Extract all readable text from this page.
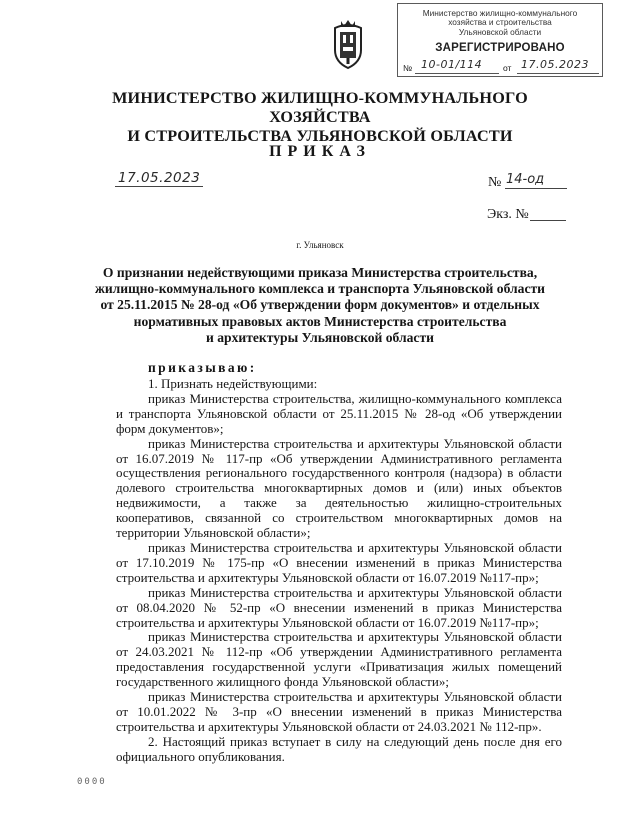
Министерство жилищно-коммунального
хозяйства и строительства
Ульяновской области
ЗАРЕГИСТРИРОВАНО
№ 10-01/114 от 17.05.2023
МИНИСТЕРСТВО ЖИЛИЩНО-КОММУНАЛЬНОГО ХОЗЯЙСТВА
И СТРОИТЕЛЬСТВА УЛЬЯНОВСКОЙ ОБЛАСТИ
ПРИКАЗ
17.05.2023	№ 14-од
Экз. №
г. Ульяновск
О признании недействующими приказа Министерства строительства,
жилищно-коммунального комплекса и транспорта Ульяновской области
от 25.11.2015 № 28-од «Об утверждении форм документов» и отдельных
нормативных правовых актов Министерства строительства
и архитектуры Ульяновской области
приказываю:

1. Признать недействующими:

приказ Министерства строительства, жилищно-коммунального комплекса и транспорта Ульяновской области от 25.11.2015 № 28-од «Об утверждении форм документов»;

приказ Министерства строительства и архитектуры Ульяновской области от 16.07.2019 № 117-пр «Об утверждении Административного регламента осуществления регионального государственного контроля (надзора) в области долевого строительства многоквартирных домов и (или) иных объектов недвижимости, а также за деятельностью жилищно-строительных кооперативов, связанной со строительством многоквартирных домов на территории Ульяновской области»;

приказ Министерства строительства и архитектуры Ульяновской области от 17.10.2019 № 175-пр «О внесении изменений в приказ Министерства строительства и архитектуры Ульяновской области от 16.07.2019 №117-пр»;

приказ Министерства строительства и архитектуры Ульяновской области от 08.04.2020 № 52-пр «О внесении изменений в приказ Министерства строительства и архитектуры Ульяновской области от 16.07.2019 №117-пр»;

приказ Министерства строительства и архитектуры Ульяновской области от 24.03.2021 № 112-пр «Об утверждении Административного регламента предоставления государственной услуги «Приватизация жилых помещений государственного жилищного фонда Ульяновской области»;

приказ Министерства строительства и архитектуры Ульяновской области от 10.01.2022 № 3-пр «О внесении изменений в приказ Министерства строительства и архитектуры Ульяновской области от 24.03.2021 № 112-пр».

2. Настоящий приказ вступает в силу на следующий день после дня его официального опубликования.

0000
